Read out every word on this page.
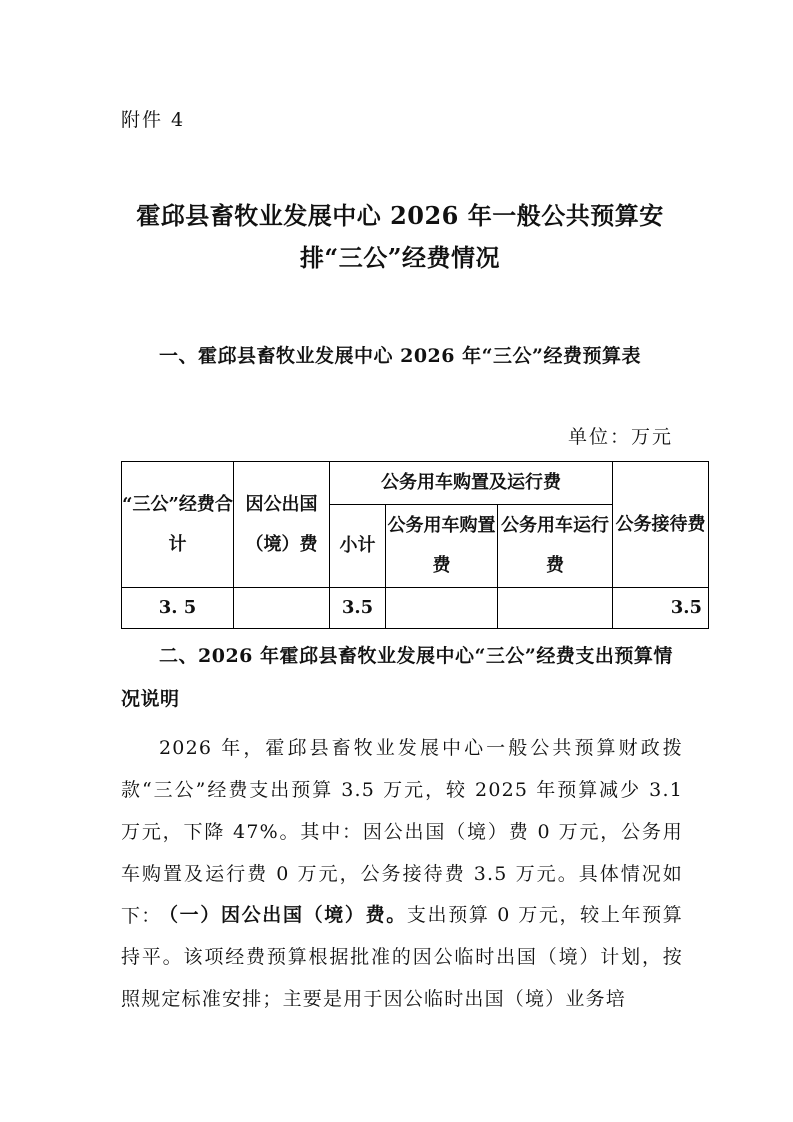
附件 4
霍邱县畜牧业发展中心 2026 年一般公共预算安排“三公”经费情况
一、霍邱县畜牧业发展中心 2026 年“三公”经费预算表
单位：万元
“三公”经费合计	因公出国（境）费	公务用车购置及运行费			公务接待费
		小计	公务用车购置费	公务用车运行费	
3. 5		3.5			3.5
二、2026 年霍邱县畜牧业发展中心“三公”经费支出预算情况说明
2026 年，霍邱县畜牧业发展中心一般公共预算财政拨款“三公”经费支出预算 3.5 万元，较 2025 年预算减少 3.1 万元，下降 47%。其中：因公出国（境）费 0 万元，公务用车购置及运行费 0 万元，公务接待费 3.5 万元。具体情况如下：
（一）因公出国（境）费。支出预算 0 万元，较上年预算持平。该项经费预算根据批准的因公临时出国（境）计划，按照规定标准安排；主要是用于因公临时出国（境）业务培
